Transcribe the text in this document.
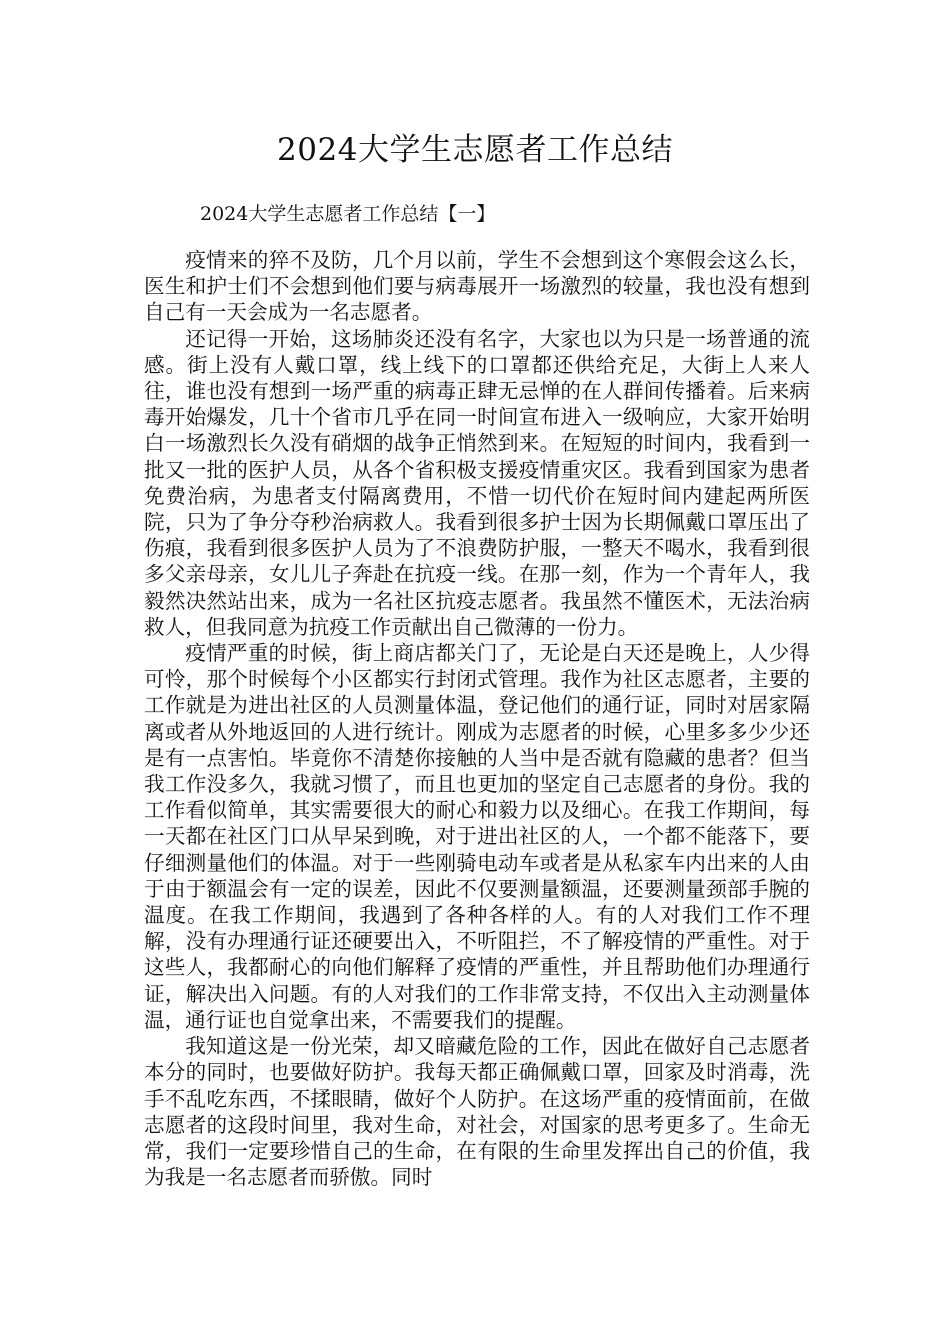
2024大学生志愿者工作总结

2024大学生志愿者工作总结【一】

疫情来的猝不及防，几个月以前，学生不会想到这个寒假会这么长，医生和护士们不会想到他们要与病毒展开一场激烈的较量，我也没有想到自己有一天会成为一名志愿者。

还记得一开始，这场肺炎还没有名字，大家也以为只是一场普通的流感。街上没有人戴口罩，线上线下的口罩都还供给充足，大街上人来人往，谁也没有想到一场严重的病毒正肆无忌惮的在人群间传播着。后来病毒开始爆发，几十个省市几乎在同一时间宣布进入一级响应，大家开始明白一场激烈长久没有硝烟的战争正悄然到来。在短短的时间内，我看到一批又一批的医护人员，从各个省积极支援疫情重灾区。我看到国家为患者免费治病，为患者支付隔离费用，不惜一切代价在短时间内建起两所医院，只为了争分夺秒治病救人。我看到很多护士因为长期佩戴口罩压出了伤痕，我看到很多医护人员为了不浪费防护服，一整天不喝水，我看到很多父亲母亲，女儿儿子奔赴在抗疫一线。在那一刻，作为一个青年人，我毅然决然站出来，成为一名社区抗疫志愿者。我虽然不懂医术，无法治病救人，但我同意为抗疫工作贡献出自己微薄的一份力。

疫情严重的时候，街上商店都关门了，无论是白天还是晚上，人少得可怜，那个时候每个小区都实行封闭式管理。我作为社区志愿者，主要的工作就是为进出社区的人员测量体温，登记他们的通行证，同时对居家隔离或者从外地返回的人进行统计。刚成为志愿者的时候，心里多多少少还是有一点害怕。毕竟你不清楚你接触的人当中是否就有隐藏的患者？但当我工作没多久，我就习惯了，而且也更加的坚定自己志愿者的身份。我的工作看似简单，其实需要很大的耐心和毅力以及细心。在我工作期间，每一天都在社区门口从早呆到晚，对于进出社区的人，一个都不能落下，要仔细测量他们的体温。对于一些刚骑电动车或者是从私家车内出来的人由于由于额温会有一定的误差，因此不仅要测量额温，还要测量颈部手腕的温度。在我工作期间，我遇到了各种各样的人。有的人对我们工作不理解，没有办理通行证还硬要出入，不听阻拦，不了解疫情的严重性。对于这些人，我都耐心的向他们解释了疫情的严重性，并且帮助他们办理通行证，解决出入问题。有的人对我们的工作非常支持，不仅出入主动测量体温，通行证也自觉拿出来，不需要我们的提醒。

我知道这是一份光荣，却又暗藏危险的工作，因此在做好自己志愿者本分的同时，也要做好防护。我每天都正确佩戴口罩，回家及时消毒，洗手不乱吃东西，不揉眼睛，做好个人防护。在这场严重的疫情面前，在做志愿者的这段时间里，我对生命，对社会，对国家的思考更多了。生命无常，我们一定要珍惜自己的生命，在有限的生命里发挥出自己的价值，我为我是一名志愿者而骄傲。同时
